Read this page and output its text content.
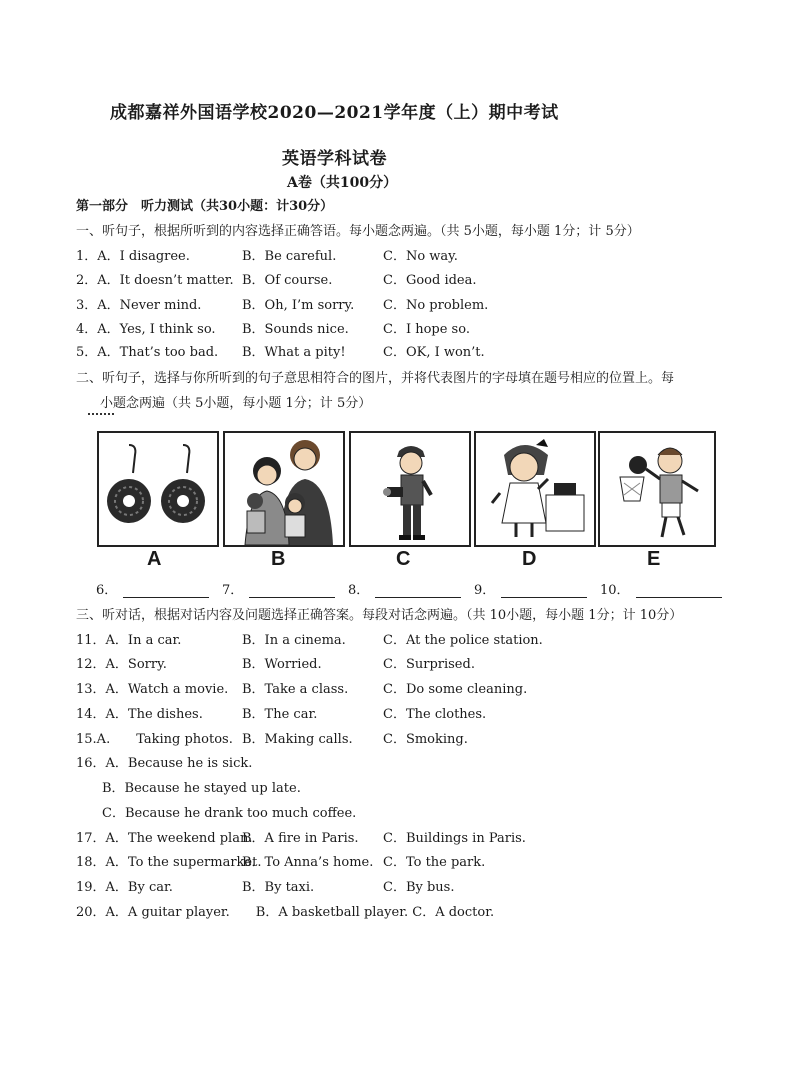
成都嘉祥外国语学校2020—2021学年度（上）期中考试
英语学科试卷
A卷（共100分）
第一部分　听力测试（共30小题：计30分）
一、听句子，根据所听到的内容选择正确答语。每小题念两遍。（共 5小题，每小题 1分；计 5分）
1．A．I disagree.	B．Be careful.	C．No way.
2．A．It doesn’t matter. B．Of course.	C．Good idea.
3．A．Never mind.	B．Oh, I’m sorry. C．No problem.
4．A．Yes, I think so. B．Sounds nice.	C．I hope so.
5．A．That’s too bad. B．What a pity!	C．OK, I won’t.
二、听句子，选择与你所听到的句子意思相符合的图片，并将代表图片的字母填在题号相应的位置上。每
小题念两遍（共 5小题，每小题 1分；计 5分）
A	B	C	D	E
6．	7．	8．	9．	10．
三、听对话，根据对话内容及问题选择正确答案。每段对话念两遍。（共 10小题，每小题 1分；计 10分）
11．A．In a car.	B．In a cinema.	C．At the police station.
12．A．Sorry.	B．Worried.	C．Surprised.
13．A．Watch a movie. B．Take a class.	C．Do some cleaning.
14．A．The dishes.	B．The car.	C．The clothes.
15.A.　　Taking photos. B．Making calls. C．Smoking.
16．A．Because he is sick.
B．Because he stayed up late.
C．Because he drank too much coffee.
17．A．The weekend plan.
B．A fire in Paris. C．Buildings in Paris.
18．A．To the supermarket.
B．To Anna’s home. C．To the park.
19．A．By car.	B．By taxi.	C．By bus.
20．A．A guitar player.　　B．A basketball player. C．A doctor.
